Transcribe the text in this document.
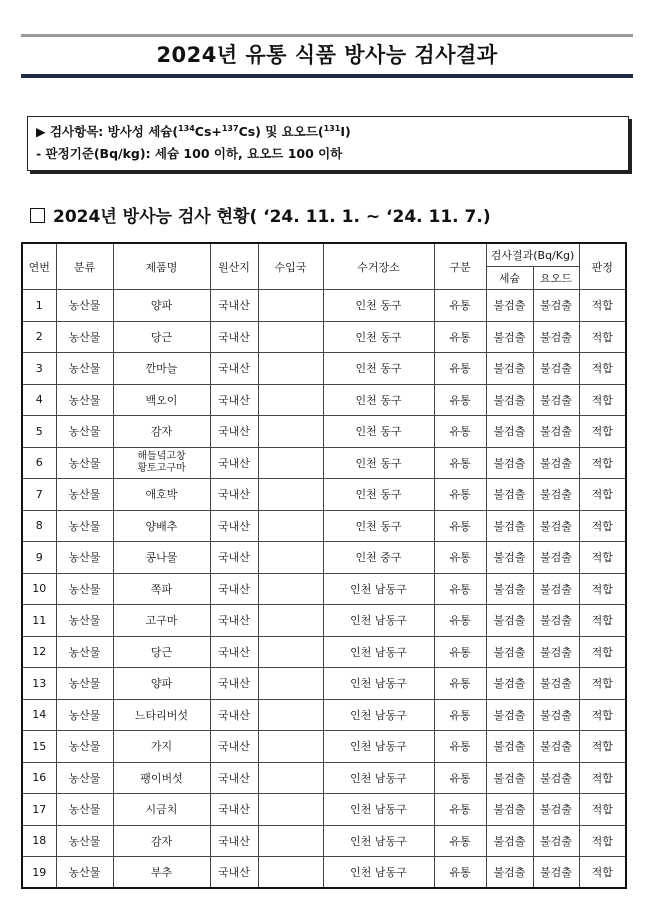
2024년 유통 식품 방사능 검사결과
▶ 검사항목: 방사성 세슘($^{134}$Cs+$^{137}$Cs) 및 요오드($^{131}$I)
- 판정기준(Bq/kg): 세슘 100 이하, 요오드 100 이하
2024년 방사능 검사 현황( ‘24. 11. 1. ~ ‘24. 11. 7.)
연번	분류	제품명	원산지	수입국	수거장소	구분	검사결과(Bq/Kg)		판정
							세슘	요오드	
1	농산물	양파	국내산		인천 동구	유통	불검출	불검출	적합
2	농산물	당근	국내산		인천 동구	유통	불검출	불검출	적합
3	농산물	깐마늘	국내산		인천 동구	유통	불검출	불검출	적합
4	농산물	백오이	국내산		인천 동구	유통	불검출	불검출	적합
5	농산물	감자	국내산		인천 동구	유통	불검출	불검출	적합
6	농산물	해들녘고창
황토고구마	국내산		인천 동구	유통	불검출	불검출	적합
7	농산물	애호박	국내산		인천 동구	유통	불검출	불검출	적합
8	농산물	양배추	국내산		인천 동구	유통	불검출	불검출	적합
9	농산물	콩나물	국내산		인천 중구	유통	불검출	불검출	적합
10	농산물	쪽파	국내산		인천 남동구	유통	불검출	불검출	적합
11	농산물	고구마	국내산		인천 남동구	유통	불검출	불검출	적합
12	농산물	당근	국내산		인천 남동구	유통	불검출	불검출	적합
13	농산물	양파	국내산		인천 남동구	유통	불검출	불검출	적합
14	농산물	느타리버섯	국내산		인천 남동구	유통	불검출	불검출	적합
15	농산물	가지	국내산		인천 남동구	유통	불검출	불검출	적합
16	농산물	팽이버섯	국내산		인천 남동구	유통	불검출	불검출	적합
17	농산물	시금치	국내산		인천 남동구	유통	불검출	불검출	적합
18	농산물	감자	국내산		인천 남동구	유통	불검출	불검출	적합
19	농산물	부추	국내산		인천 남동구	유통	불검출	불검출	적합
